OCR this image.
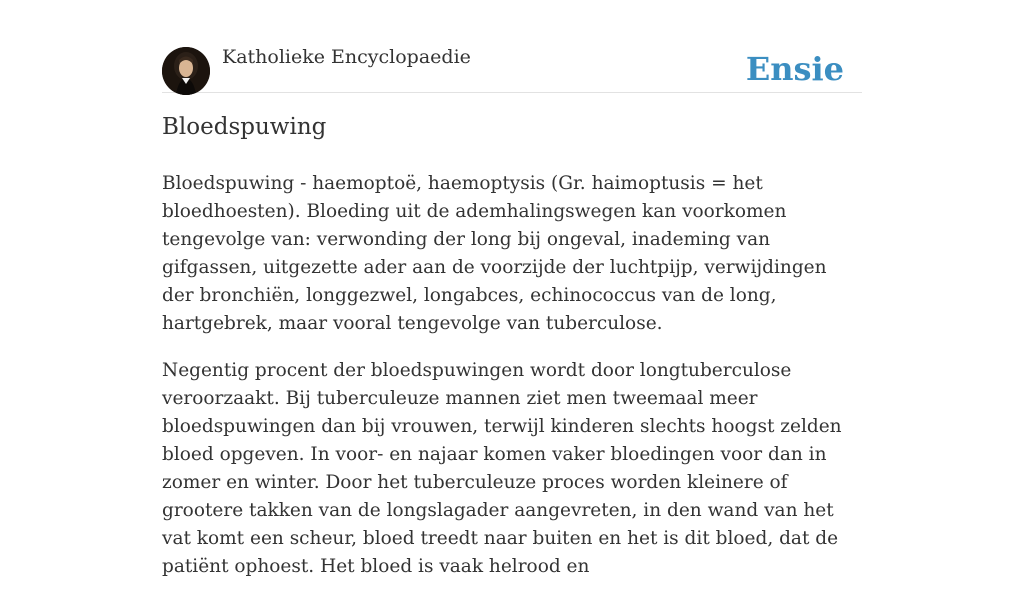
Katholieke Encyclopaedie	Ensie
Bloedspuwing

Bloedspuwing - haemoptoë, haemoptysis (Gr. haimoptusis = het bloedhoesten). Bloeding uit de ademhalingswegen kan voorkomen tengevolge van: verwonding der long bij ongeval, inademing van gifgassen, uitgezette ader aan de voorzijde der luchtpijp, verwijdingen der bronchiën, longgezwel, longabces, echinococcus van de long, hartgebrek, maar vooral tengevolge van tuberculose.

Negentig procent der bloedspuwingen wordt door longtuberculose veroorzaakt. Bij tuberculeuze mannen ziet men tweemaal meer bloedspuwingen dan bij vrouwen, terwijl kinderen slechts hoogst zelden bloed opgeven. In voor- en najaar komen vaker bloedingen voor dan in zomer en winter. Door het tuberculeuze proces worden kleinere of grootere takken van de longslagader aangevreten, in den wand van het vat komt een scheur, bloed treedt naar buiten en het is dit bloed, dat de patiënt ophoest. Het bloed is vaak helrood en
